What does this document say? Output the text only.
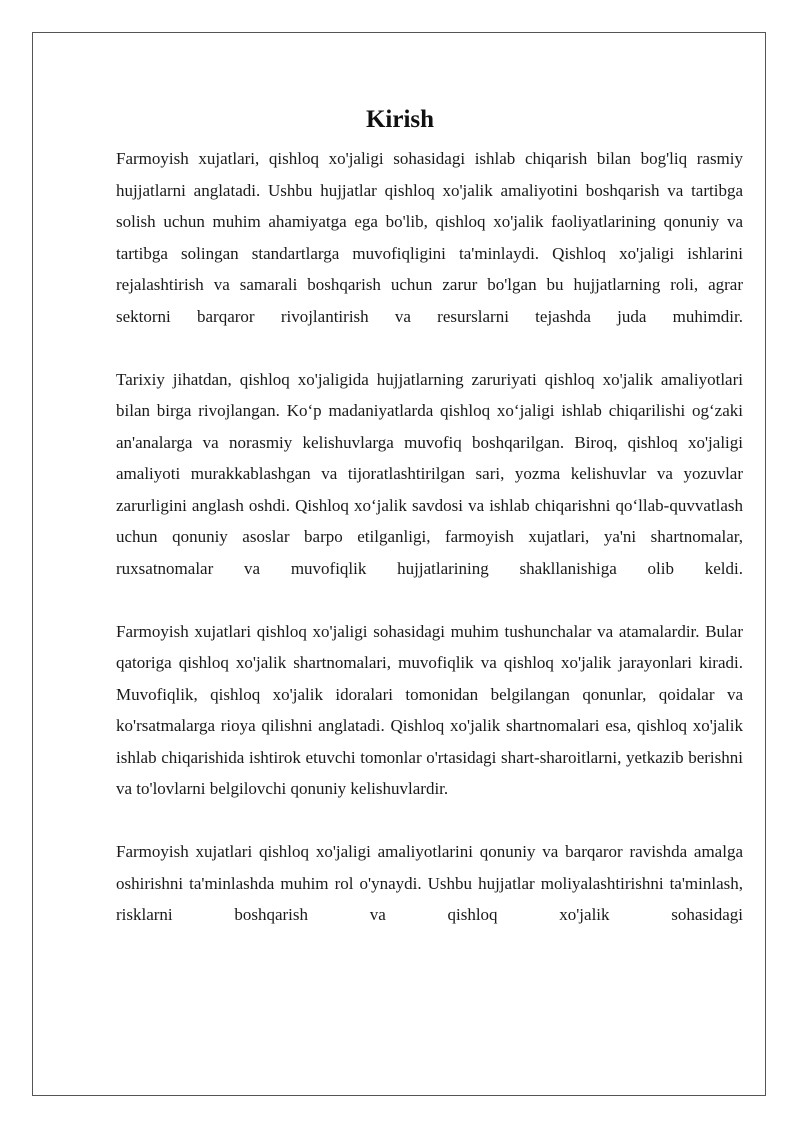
Kirish

Farmoyish xujatlari, qishloq xo'jaligi sohasidagi ishlab chiqarish bilan bog'liq rasmiy hujjatlarni anglatadi. Ushbu hujjatlar qishloq xo'jalik amaliyotini boshqarish va tartibga solish uchun muhim ahamiyatga ega bo'lib, qishloq xo'jalik faoliyatlarining qonuniy va tartibga solingan standartlarga muvofiqligini ta'minlaydi. Qishloq xo'jaligi ishlarini rejalashtirish va samarali boshqarish uchun zarur bo'lgan bu hujjatlarning roli, agrar sektorni barqaror rivojlantirish va resurslarni tejashda juda muhimdir.

Tarixiy jihatdan, qishloq xo'jaligida hujjatlarning zaruriyati qishloq xo'jalik amaliyotlari bilan birga rivojlangan. Koʻp madaniyatlarda qishloq xoʻjaligi ishlab chiqarilishi ogʻzaki an'analarga va norasmiy kelishuvlarga muvofiq boshqarilgan. Biroq, qishloq xo'jaligi amaliyoti murakkablashgan va tijoratlashtirilgan sari, yozma kelishuvlar va yozuvlar zarurligini anglash oshdi. Qishloq xoʻjalik savdosi va ishlab chiqarishni qoʻllab-quvvatlash uchun qonuniy asoslar barpo etilganligi, farmoyish xujatlari, ya'ni shartnomalar, ruxsatnomalar va muvofiqlik hujjatlarining shakllanishiga olib keldi.

Farmoyish xujatlari qishloq xo'jaligi sohasidagi muhim tushunchalar va atamalardir. Bular qatoriga qishloq xo'jalik shartnomalari, muvofiqlik va qishloq xo'jalik jarayonlari kiradi. Muvofiqlik, qishloq xo'jalik idoralari tomonidan belgilangan qonunlar, qoidalar va ko'rsatmalarga rioya qilishni anglatadi. Qishloq xo'jalik shartnomalari esa, qishloq xo'jalik ishlab chiqarishida ishtirok etuvchi tomonlar o'rtasidagi shart-sharoitlarni, yetkazib berishni va to'lovlarni belgilovchi qonuniy kelishuvlardir.

Farmoyish xujatlari qishloq xo'jaligi amaliyotlarini qonuniy va barqaror ravishda amalga oshirishni ta'minlashda muhim rol o'ynaydi. Ushbu hujjatlar moliyalashtirishni ta'minlash, risklarni boshqarish va qishloq xo'jalik sohasidagi
